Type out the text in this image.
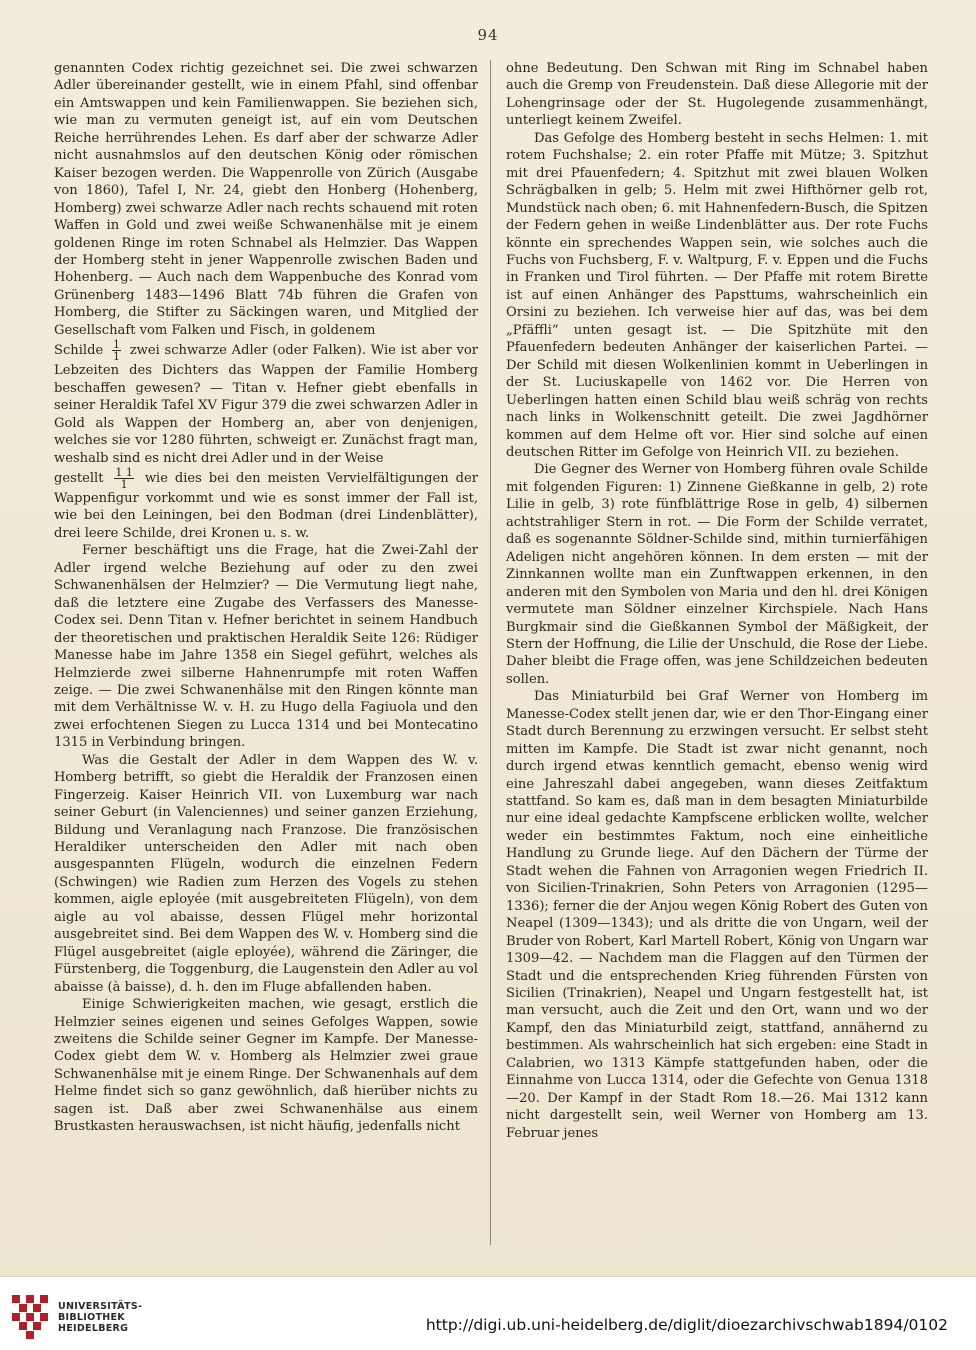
94

genannten Codex richtig gezeichnet sei. Die zwei schwarzen Adler übereinander gestellt, wie in einem Pfahl, sind offenbar ein Amtswappen und kein Familienwappen. Sie beziehen sich, wie man zu vermuten geneigt ist, auf ein vom Deutschen Reiche herrührendes Lehen. Es darf aber der schwarze Adler nicht ausnahmslos auf den deutschen König oder römischen Kaiser bezogen werden. Die Wappenrolle von Zürich (Ausgabe von 1860), Tafel I, Nr. 24, giebt den Honberg (Hohenberg, Homberg) zwei schwarze Adler nach rechts schauend mit roten Waffen in Gold und zwei weiße Schwanenhälse mit je einem goldenen Ringe im roten Schnabel als Helmzier. Das Wappen der Homberg steht in jener Wappenrolle zwischen Baden und Hohenberg. — Auch nach dem Wappenbuche des Konrad vom Grünenberg 1483—1496 Blatt 74b führen die Grafen von Homberg, die Stifter zu Säckingen waren, und Mitglied der Gesellschaft vom Falken und Fisch, in goldenem

Schilde $\frac{1}{1}$ zwei schwarze Adler (oder Falken). Wie ist aber vor Lebzeiten des Dichters das Wappen der Familie Homberg beschaffen gewesen? — Titan v. Hefner giebt ebenfalls in seiner Heraldik Tafel XV Figur 379 die zwei schwarzen Adler in Gold als Wappen der Homberg an, aber von denjenigen, welches sie vor 1280 führten, schweigt er. Zunächst fragt man, weshalb sind es nicht drei Adler und in der Weise

gestellt $\frac{1 1}{1}$ wie dies bei den meisten Vervielfältigungen der Wappenfigur vorkommt und wie es sonst immer der Fall ist, wie bei den Leiningen, bei den Bodman (drei Lindenblätter), drei leere Schilde, drei Kronen u. s. w.

Ferner beschäftigt uns die Frage, hat die Zwei-Zahl der Adler irgend welche Beziehung auf oder zu den zwei Schwanenhälsen der Helmzier? — Die Vermutung liegt nahe, daß die letztere eine Zugabe des Verfassers des Manesse-Codex sei. Denn Titan v. Hefner berichtet in seinem Handbuch der theoretischen und praktischen Heraldik Seite 126: Rüdiger Manesse habe im Jahre 1358 ein Siegel geführt, welches als Helmzierde zwei silberne Hahnenrumpfe mit roten Waffen zeige. — Die zwei Schwanenhälse mit den Ringen könnte man mit dem Verhältnisse W. v. H. zu Hugo della Fagiuola und den zwei erfochtenen Siegen zu Lucca 1314 und bei Montecatino 1315 in Verbindung bringen.

Was die Gestalt der Adler in dem Wappen des W. v. Homberg betrifft, so giebt die Heraldik der Franzosen einen Fingerzeig. Kaiser Heinrich VII. von Luxemburg war nach seiner Geburt (in Valenciennes) und seiner ganzen Erziehung, Bildung und Veranlagung nach Franzose. Die französischen Heraldiker unterscheiden den Adler mit nach oben ausgespannten Flügeln, wodurch die einzelnen Federn (Schwingen) wie Radien zum Herzen des Vogels zu stehen kommen, aigle eployée (mit ausgebreiteten Flügeln), von dem aigle au vol abaisse, dessen Flügel mehr horizontal ausgebreitet sind. Bei dem Wappen des W. v. Homberg sind die Flügel ausgebreitet (aigle eployée), während die Zäringer, die Fürstenberg, die Toggenburg, die Laugenstein den Adler au vol abaisse (à baisse), d. h. den im Fluge abfallenden haben.

Einige Schwierigkeiten machen, wie gesagt, erstlich die Helmzier seines eigenen und seines Gefolges Wappen, sowie zweitens die Schilde seiner Gegner im Kampfe. Der Manesse-Codex giebt dem W. v. Homberg als Helmzier zwei graue Schwanenhälse mit je einem Ringe. Der Schwanenhals auf dem Helme findet sich so ganz gewöhnlich, daß hierüber nichts zu sagen ist. Daß aber zwei Schwanenhälse aus einem Brustkasten herauswachsen, ist nicht häufig, jedenfalls nicht

ohne Bedeutung. Den Schwan mit Ring im Schnabel haben auch die Gremp von Freudenstein. Daß diese Allegorie mit der Lohengrinsage oder der St. Hugolegende zusammenhängt, unterliegt keinem Zweifel.

Das Gefolge des Homberg besteht in sechs Helmen: 1. mit rotem Fuchshalse; 2. ein roter Pfaffe mit Mütze; 3. Spitzhut mit drei Pfauenfedern; 4. Spitzhut mit zwei blauen Wolken Schrägbalken in gelb; 5. Helm mit zwei Hifthörner gelb rot, Mundstück nach oben; 6. mit Hahnenfedern-Busch, die Spitzen der Federn gehen in weiße Lindenblätter aus. Der rote Fuchs könnte ein sprechendes Wappen sein, wie solches auch die Fuchs von Fuchsberg, F. v. Waltpurg, F. v. Eppen und die Fuchs in Franken und Tirol führten. — Der Pfaffe mit rotem Birette ist auf einen Anhänger des Papsttums, wahrscheinlich ein Orsini zu beziehen. Ich verweise hier auf das, was bei dem „Pfäffli“ unten gesagt ist. — Die Spitzhüte mit den Pfauenfedern bedeuten Anhänger der kaiserlichen Partei. — Der Schild mit diesen Wolkenlinien kommt in Ueberlingen in der St. Luciuskapelle von 1462 vor. Die Herren von Ueberlingen hatten einen Schild blau weiß schräg von rechts nach links in Wolkenschnitt geteilt. Die zwei Jagdhörner kommen auf dem Helme oft vor. Hier sind solche auf einen deutschen Ritter im Gefolge von Heinrich VII. zu beziehen.

Die Gegner des Werner von Homberg führen ovale Schilde mit folgenden Figuren: 1) Zinnene Gießkanne in gelb, 2) rote Lilie in gelb, 3) rote fünfblättrige Rose in gelb, 4) silbernen achtstrahliger Stern in rot. — Die Form der Schilde verratet, daß es sogenannte Söldner-Schilde sind, mithin turnierfähigen Adeligen nicht angehören können. In dem ersten — mit der Zinnkannen wollte man ein Zunftwappen erkennen, in den anderen mit den Symbolen von Maria und den hl. drei Königen vermutete man Söldner einzelner Kirchspiele. Nach Hans Burgkmair sind die Gießkannen Symbol der Mäßigkeit, der Stern der Hoffnung, die Lilie der Unschuld, die Rose der Liebe. Daher bleibt die Frage offen, was jene Schildzeichen bedeuten sollen.

Das Miniaturbild bei Graf Werner von Homberg im Manesse-Codex stellt jenen dar, wie er den Thor-Eingang einer Stadt durch Berennung zu erzwingen versucht. Er selbst steht mitten im Kampfe. Die Stadt ist zwar nicht genannt, noch durch irgend etwas kenntlich gemacht, ebenso wenig wird eine Jahreszahl dabei angegeben, wann dieses Zeitfaktum stattfand. So kam es, daß man in dem besagten Miniaturbilde nur eine ideal gedachte Kampfscene erblicken wollte, welcher weder ein bestimmtes Faktum, noch eine einheitliche Handlung zu Grunde liege. Auf den Dächern der Türme der Stadt wehen die Fahnen von Arragonien wegen Friedrich II. von Sicilien-Trinakrien, Sohn Peters von Arragonien (1295—1336); ferner die der Anjou wegen König Robert des Guten von Neapel (1309—1343); und als dritte die von Ungarn, weil der Bruder von Robert, Karl Martell Robert, König von Ungarn war 1309—42. — Nachdem man die Flaggen auf den Türmen der Stadt und die entsprechenden Krieg führenden Fürsten von Sicilien (Trinakrien), Neapel und Ungarn festgestellt hat, ist man versucht, auch die Zeit und den Ort, wann und wo der Kampf, den das Miniaturbild zeigt, stattfand, annähernd zu bestimmen. Als wahrscheinlich hat sich ergeben: eine Stadt in Calabrien, wo 1313 Kämpfe stattgefunden haben, oder die Einnahme von Lucca 1314, oder die Gefechte von Genua 1318—20. Der Kampf in der Stadt Rom 18.—26. Mai 1312 kann nicht dargestellt sein, weil Werner von Homberg am 13. Februar jenes

UNIVERSITÄTS-
BIBLIOTHEK
HEIDELBERG	http://digi.ub.uni-heidelberg.de/diglit/dioezarchivschwab1894/0102
